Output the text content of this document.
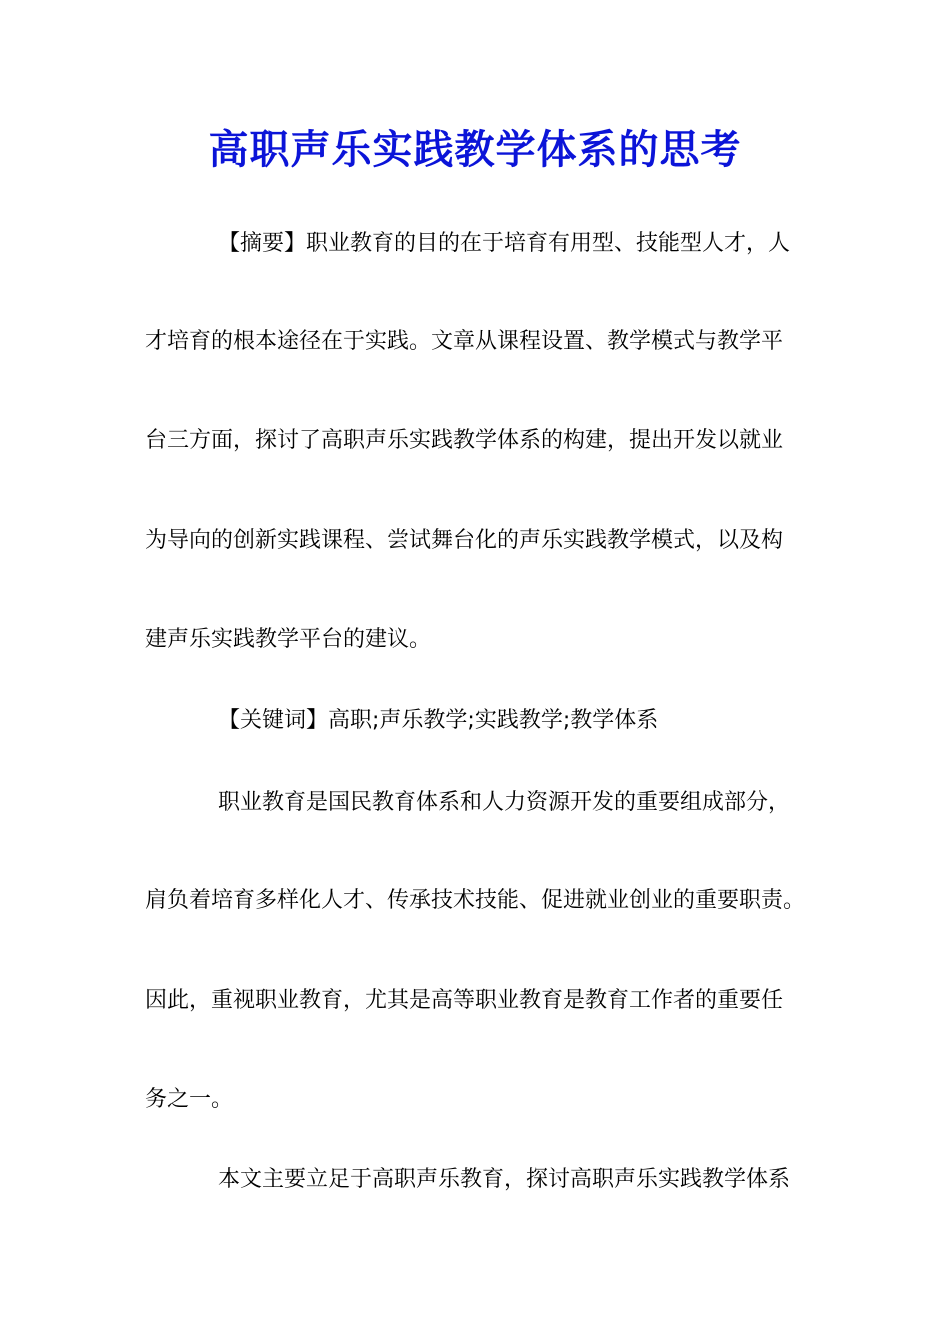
高职声乐实践教学体系的思考
【摘要】职业教育的目的在于培育有用型、技能型人才，人
才培育的根本途径在于实践。文章从课程设置、教学模式与教学平
台三方面，探讨了高职声乐实践教学体系的构建，提出开发以就业
为导向的创新实践课程、尝试舞台化的声乐实践教学模式，以及构
建声乐实践教学平台的建议。
【关键词】高职;声乐教学;实践教学;教学体系
职业教育是国民教育体系和人力资源开发的重要组成部分，
肩负着培育多样化人才、传承技术技能、促进就业创业的重要职责。
因此，重视职业教育，尤其是高等职业教育是教育工作者的重要任
务之一。
本文主要立足于高职声乐教育，探讨高职声乐实践教学体系
